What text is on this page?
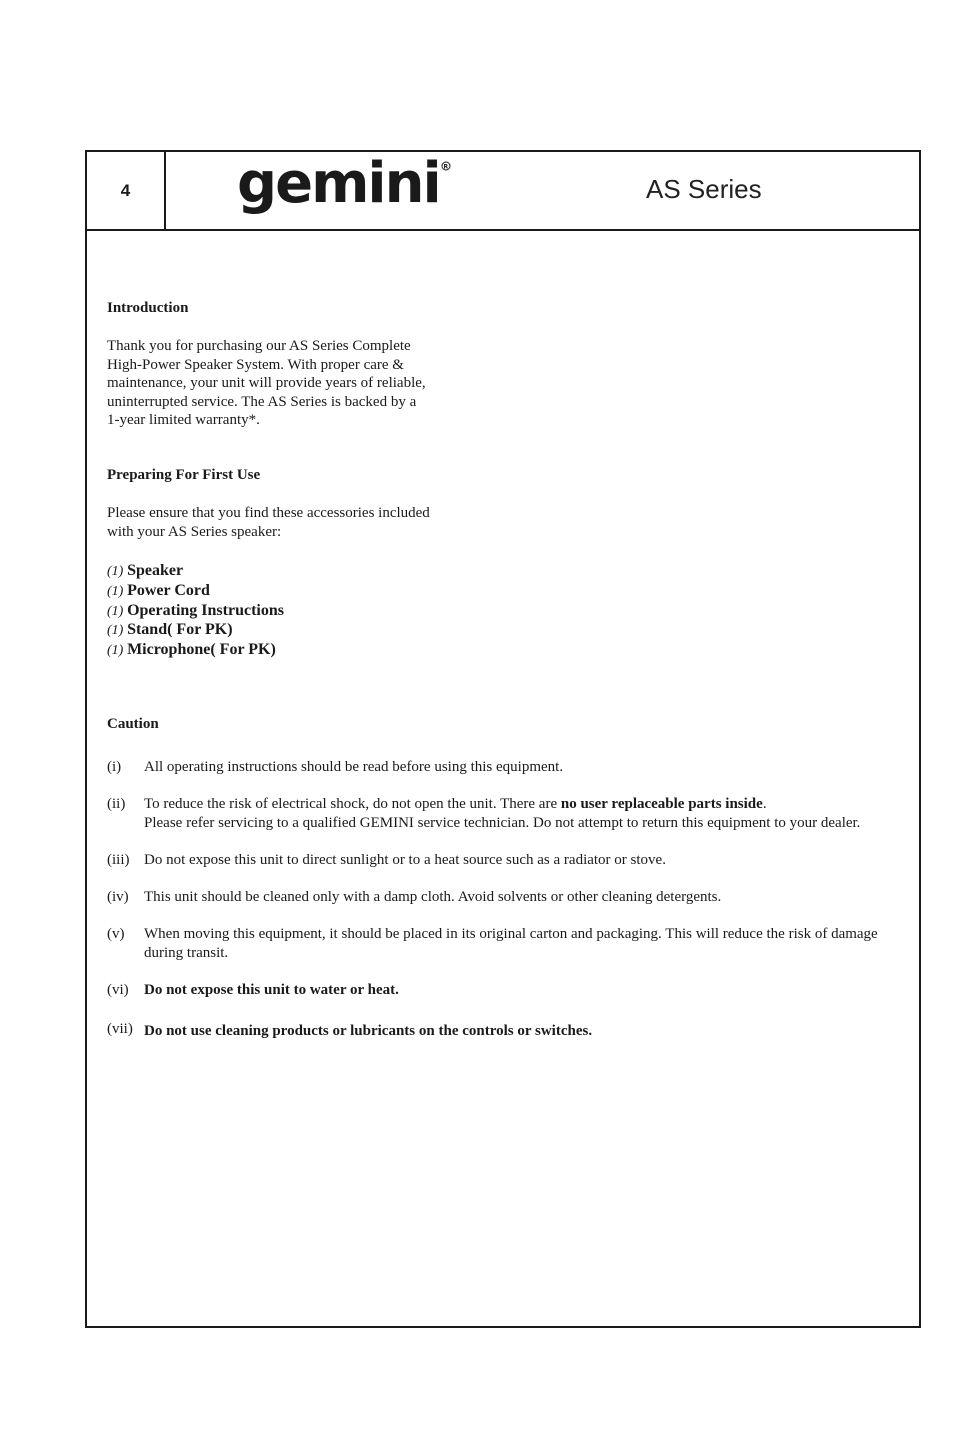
4	gemini R
AS Series
Introduction
Thank you for purchasing our AS Series Complete
High-Power Speaker System. With proper care &
maintenance, your unit will provide years of reliable,
uninterrupted service. The AS Series is backed by a
1-year limited warranty*.
Preparing For First Use
Please ensure that you find these accessories included
with your AS Series speaker:
(1) Speaker
(1) Power Cord
(1) Operating Instructions
(1) Stand( For PK)
(1) Microphone( For PK)
Caution
(i)	All operating instructions should be read before using this equipment.
(ii)	To reduce the risk of electrical shock, do not open the unit. There are no user replaceable parts inside.
Please refer servicing to a qualified GEMINI service technician. Do not attempt to return this equipment to your dealer.
(iii) Do not expose this unit to direct sunlight or to a heat source such as a radiator or stove.
(iv)	This unit should be cleaned only with a damp cloth. Avoid solvents or other cleaning detergents.
(v)	When moving this equipment, it should be placed in its original carton and packaging. This will reduce the risk of damage
during transit.
(vi)	Do not expose this unit to water or heat.
(vii) Do not use cleaning products or lubricants on the controls or switches.
